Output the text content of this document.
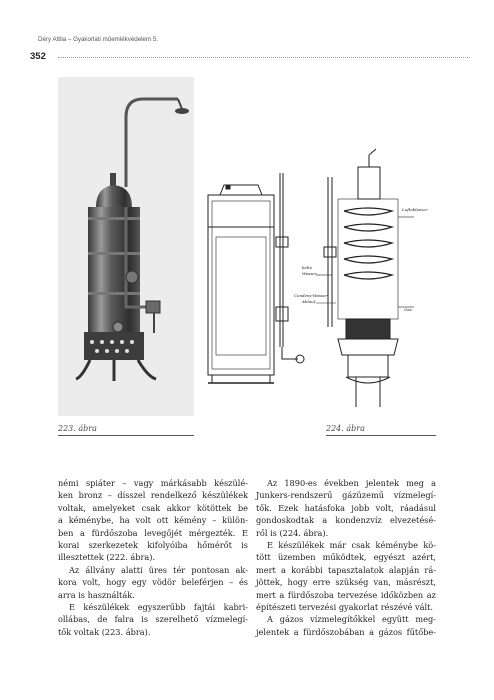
Déry Attila – Gyakorlati műemlékvédelem 5.
352
Luftablaeser
kalte
Wasser
Condens-Wasser-
Ablauf
Gas
223. ábra	224. ábra
némi spiáter – vagy márkásabb készülé-
ken bronz – dísszel rendelkező készülékek
voltak, amelyeket csak akkor kötöttek be
a kéménybe, ha volt ott kémény – külön-
ben a fürdőszoba levegőjét mérgezték. E
korai szerkezetek kifolyóiba hőmérőt is
illesztettek (222. ábra).
Az állvány alatti üres tér pontosan ak-
kora volt, hogy egy vödör beleférjen – és
arra is használták.
E készülékek egyszerűbb fajtái kabri-
ollábas, de falra is szerelhető vízmelegí-
tők voltak (223. ábra).
Az 1890-es években jelentek meg a
Junkers-rendszerű gázüzemű vízmelegí-
tők. Ezek hatásfoka jobb volt, ráadásul
gondoskodtak a kondenzvíz elvezetésé-
ről is (224. ábra).
E készülékek már csak kéménybe kö-
tött üzemben működtek, egyészt azért,
mert a korábbi tapasztalatok alapján rá-
jöttek, hogy erre szükség van, másrészt,
mert a fürdőszoba tervezése időközben az
építészeti tervezési gyakorlat részévé vált.
A gázos vízmelegítőkkel együtt meg-
jelentek a fürdőszobában a gázos fűtőbe-
